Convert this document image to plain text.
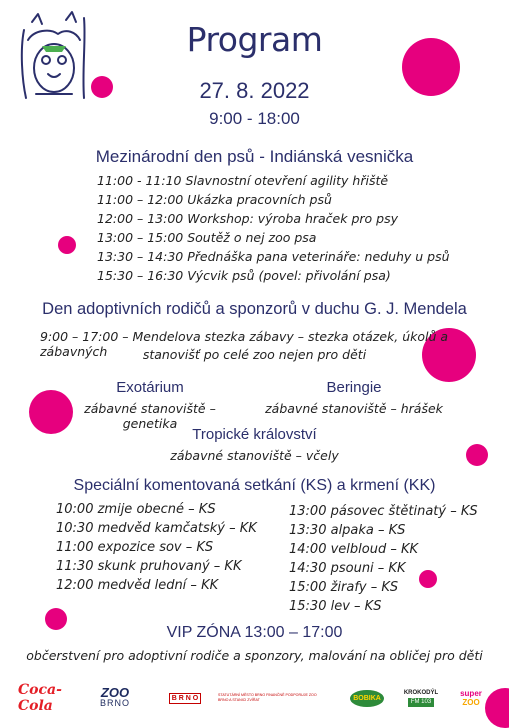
Program
27. 8. 2022
9:00 - 18:00
Mezinárodní den psů - Indiánská vesnička
11:00 - 11:10 Slavnostní otevření agility hřiště
11:00 – 12:00 Ukázka pracovních psů
12:00 – 13:00 Workshop: výroba hraček pro psy
13:00 – 15:00 Soutěž o nej zoo psa
13:30 – 14:30 Přednáška pana veterináře: neduhy u psů
15:30 – 16:30 Výcvik psů (povel: přivolání psa)
Den adoptivních rodičů a sponzorů v duchu G. J. Mendela
9:00 – 17:00 – Mendelova stezka zábavy – stezka otázek, úkolů a zábavných	stanovišť po celé zoo nejen pro děti
Exotárium
zábavné stanoviště – genetika
Beringie
zábavné stanoviště – hrášek
Tropické království
zábavné stanoviště – včely
Speciální komentovaná setkání (KS) a krmení (KK)
10:00 zmije obecné – KS
10:30 medvěd kamčatský – KK
11:00 expozice sov – KS
11:30 skunk pruhovaný – KK
12:00 medvěd lední – KK
13:00 pásovec štětinatý – KS
13:30 alpaka – KS
14:00 velbloud – KK
14:30 psouni – KK
15:00 žirafy – KS
15:30 lev – KS
VIP ZÓNA 13:00 – 17:00
občerstvení pro adoptivní rodiče a sponzory, malování na obličej pro děti
Coca-Cola
ZOO
BRNO	B R N O	STATUTÁRNÍ MĚSTO BRNO FINANČNĚ PODPORUJE ZOO BRNO A STANICI ZVÍŘAT	BOBIKA
KROKODÝL
FM 103
super
ZOO
